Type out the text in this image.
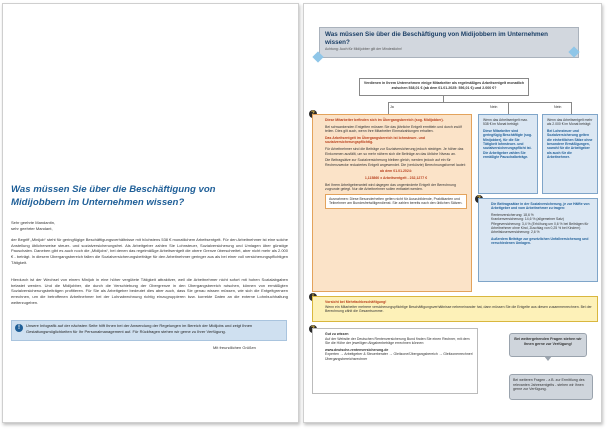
Was müssen Sie über die Beschäftigung von Midijobbern im Unternehmen wissen?
Sehr geehrte Mandantin,
sehr geehrter Mandant,
der Begriff „Minijob“ steht für geringfügige Beschäftigungsverhältnisse mit höchstens 538 € monatlichem Arbeitsentgelt. Für den Arbeitnehmer ist eine solche Anstellung üblicherweise steuer- und sozialversicherungsfrei. Als Arbeitgeber zahlen Sie Lohnsteuer, Sozialversicherung und Umlagen über günstige Pauschalen. Daneben gibt es auch noch die „Midijobs“, bei denen das regelmäßige Arbeitsentgelt die obere Grenze überschreitet, aber nicht mehr als 2.000 € - beträgt. In diesem Übergangsbereich fallen die Sozialversicherungsbeiträge für den Arbeitnehmer geringer aus als bei einer voll versicherungspflichtigen Tätigkeit.
Hierdurch ist der Wechsel von einem Minijob in eine höher vergütete Tätigkeit attraktiver, weil die Arbeitnehmer nicht sofort mit hohen Sozialabgaben belastet werden. Und die Midijobber, die durch die Verschiebung der Obergrenze in den Übergangsbereich rutschen, können von ermäßigten Sozialversicherungsbeiträgen profitieren. Für Sie als Arbeitgeber bedeutet dies aber auch, dass Sie genau wissen müssen, wie sich die Entgeltgrenzen errechnen, um die betroffenen Arbeitnehmer bei der Lohnabrechnung richtig einzugruppieren bzw. korrekte Daten an die externe Lohnbuchhaltung weiterzugeben.
!	Unsere Infografik auf der nächsten Seite hilft Ihnen bei der Anwendung der Regelungen im Bereich der Midijobs und zeigt Ihnen Gestaltungsmöglichkeiten für Ihr Personalmanagement auf. Für Rückfragen stehen wir gerne zu Ihrer Verfügung.
Mit freundlichen Grüßen
Was müssen Sie über die Beschäftigung von Midijobbern im Unternehmen wissen?
Achtung: Auch für Midijobber gilt der Mindestlohn!
Verdienen in Ihrem Unternehmen einige Mitarbeiter als regelmäßiges Arbeitsentgelt monatlich zwischen 538,01 € (ab dem 01.01.2025: 556,01 €) und 2.000 €?
Ja	Nein	Nein

Diese Mitarbeiter befinden sich im Übergangsbereich (sog. Midijobber).

Bei schwankenden Entgelten müssen Sie das jährliche Entgelt ermitteln und durch zwölf teilen. Dies gilt auch, wenn Ihre Mitarbeiter Einmalzahlungen erhalten.

Das Arbeitsentgelt im Übergangsbereich ist lohnsteuer- und sozialversicherungspflichtig.

Für Arbeitnehmer sind die Beiträge zur Sozialversicherung jedoch niedriger. Je höher das Einkommen ausfällt, um so mehr nähern sich die Beiträge an das übliche Niveau an.

Die Beitragsätze zur Sozialversicherung bleiben gleich, werden jedoch auf ein für Rechenzwecke reduziertes Entgelt angewendet. Die (verkürzte) Berechnungsformel lautet:

ab dem 01.01.2024:
1,115860 x Arbeitsentgelt - 232,1277 €

Bei Ihrem Arbeitgeberanteil wird dagegen das ungeminderte Entgelt der Berechnung zugrunde gelegt. Nur die Arbeitnehmer sollen entlastet werden.

Ausnahmen: Diese Besonderheiten gelten nicht für Auszubildende, Praktikanten und Teilnehmer am Bundesfreiwilligendienst. Sie zahlen bereits nach den üblichen Sätzen.

Wenn das Arbeitsentgelt max. 538 € im Monat beträgt:

Diese Mitarbeiter sind geringfügig Beschäftigte (sog. Minijobber), für die Sie Tätigkeit lohnsteuer- und sozialversicherungspflicht ist. Die Arbeitgeber zahlen Sie ermäßigte Pauschalbeträge.

Wenn das Arbeitsentgelt mehr als 2.000 € im Monat beträgt:

Bei Lohnsteuer und Sozialversicherung gelten die einheitlichen Sätze ohne besondere Ermäßigungen, sowohl für die Arbeitgeber als auch für die Arbeitnehmer.

Die Beitragssätze in der Sozialversicherung, je zur Hälfte von Arbeitgeber und vom Arbeitnehmer zu tragen:

Rentenversicherung: 18,6 %
Krankenversicherung: 14,6 % (allgemeiner Satz)
Pflegeversicherung: 3,4 % (Erhöhung um 0,6 % bei Beiträgen für Arbeitnehmer ohne Kind, Zuschlag von 0,25 % bei Kindern)
Arbeitslosenversicherung: 2,6 %

Außerdem Beiträge zur gesetzlichen Unfallversicherung und verschiedenen Umlagen.

Vorsicht bei Mehrfachbeschäftigung!

Wenn ein Mitarbeiter mehrere versicherungspflichtige Beschäftigungsverhältnisse nebeneinander hat, dann müssen Sie die Entgelte aus diesen zusammenrechnen. Bei der Berechnung zählt die Gesamtsumme.

Gut zu wissen

Auf der Website der Deutschen Rentenversicherung Bund finden Sie einen Rechner, mit dem Sie die Höhe der jeweiligen Abgabenbeträge errechnen können:

www.deutsche-rentenversicherung.de

Experten → Arbeitgeber & Steuerberater → Gleitzone/Übergangsbereich → Gleitzonenrechner/Übergangsbereichsrechner

Bei weitergehenden Fragen stehen wir Ihnen gerne zur Verfügung!
Bei weiteren Fragen - z.B. zur Ermittlung des relevanten Jahresentgelts - stehen wir Ihnen gerne zur Verfügung.
